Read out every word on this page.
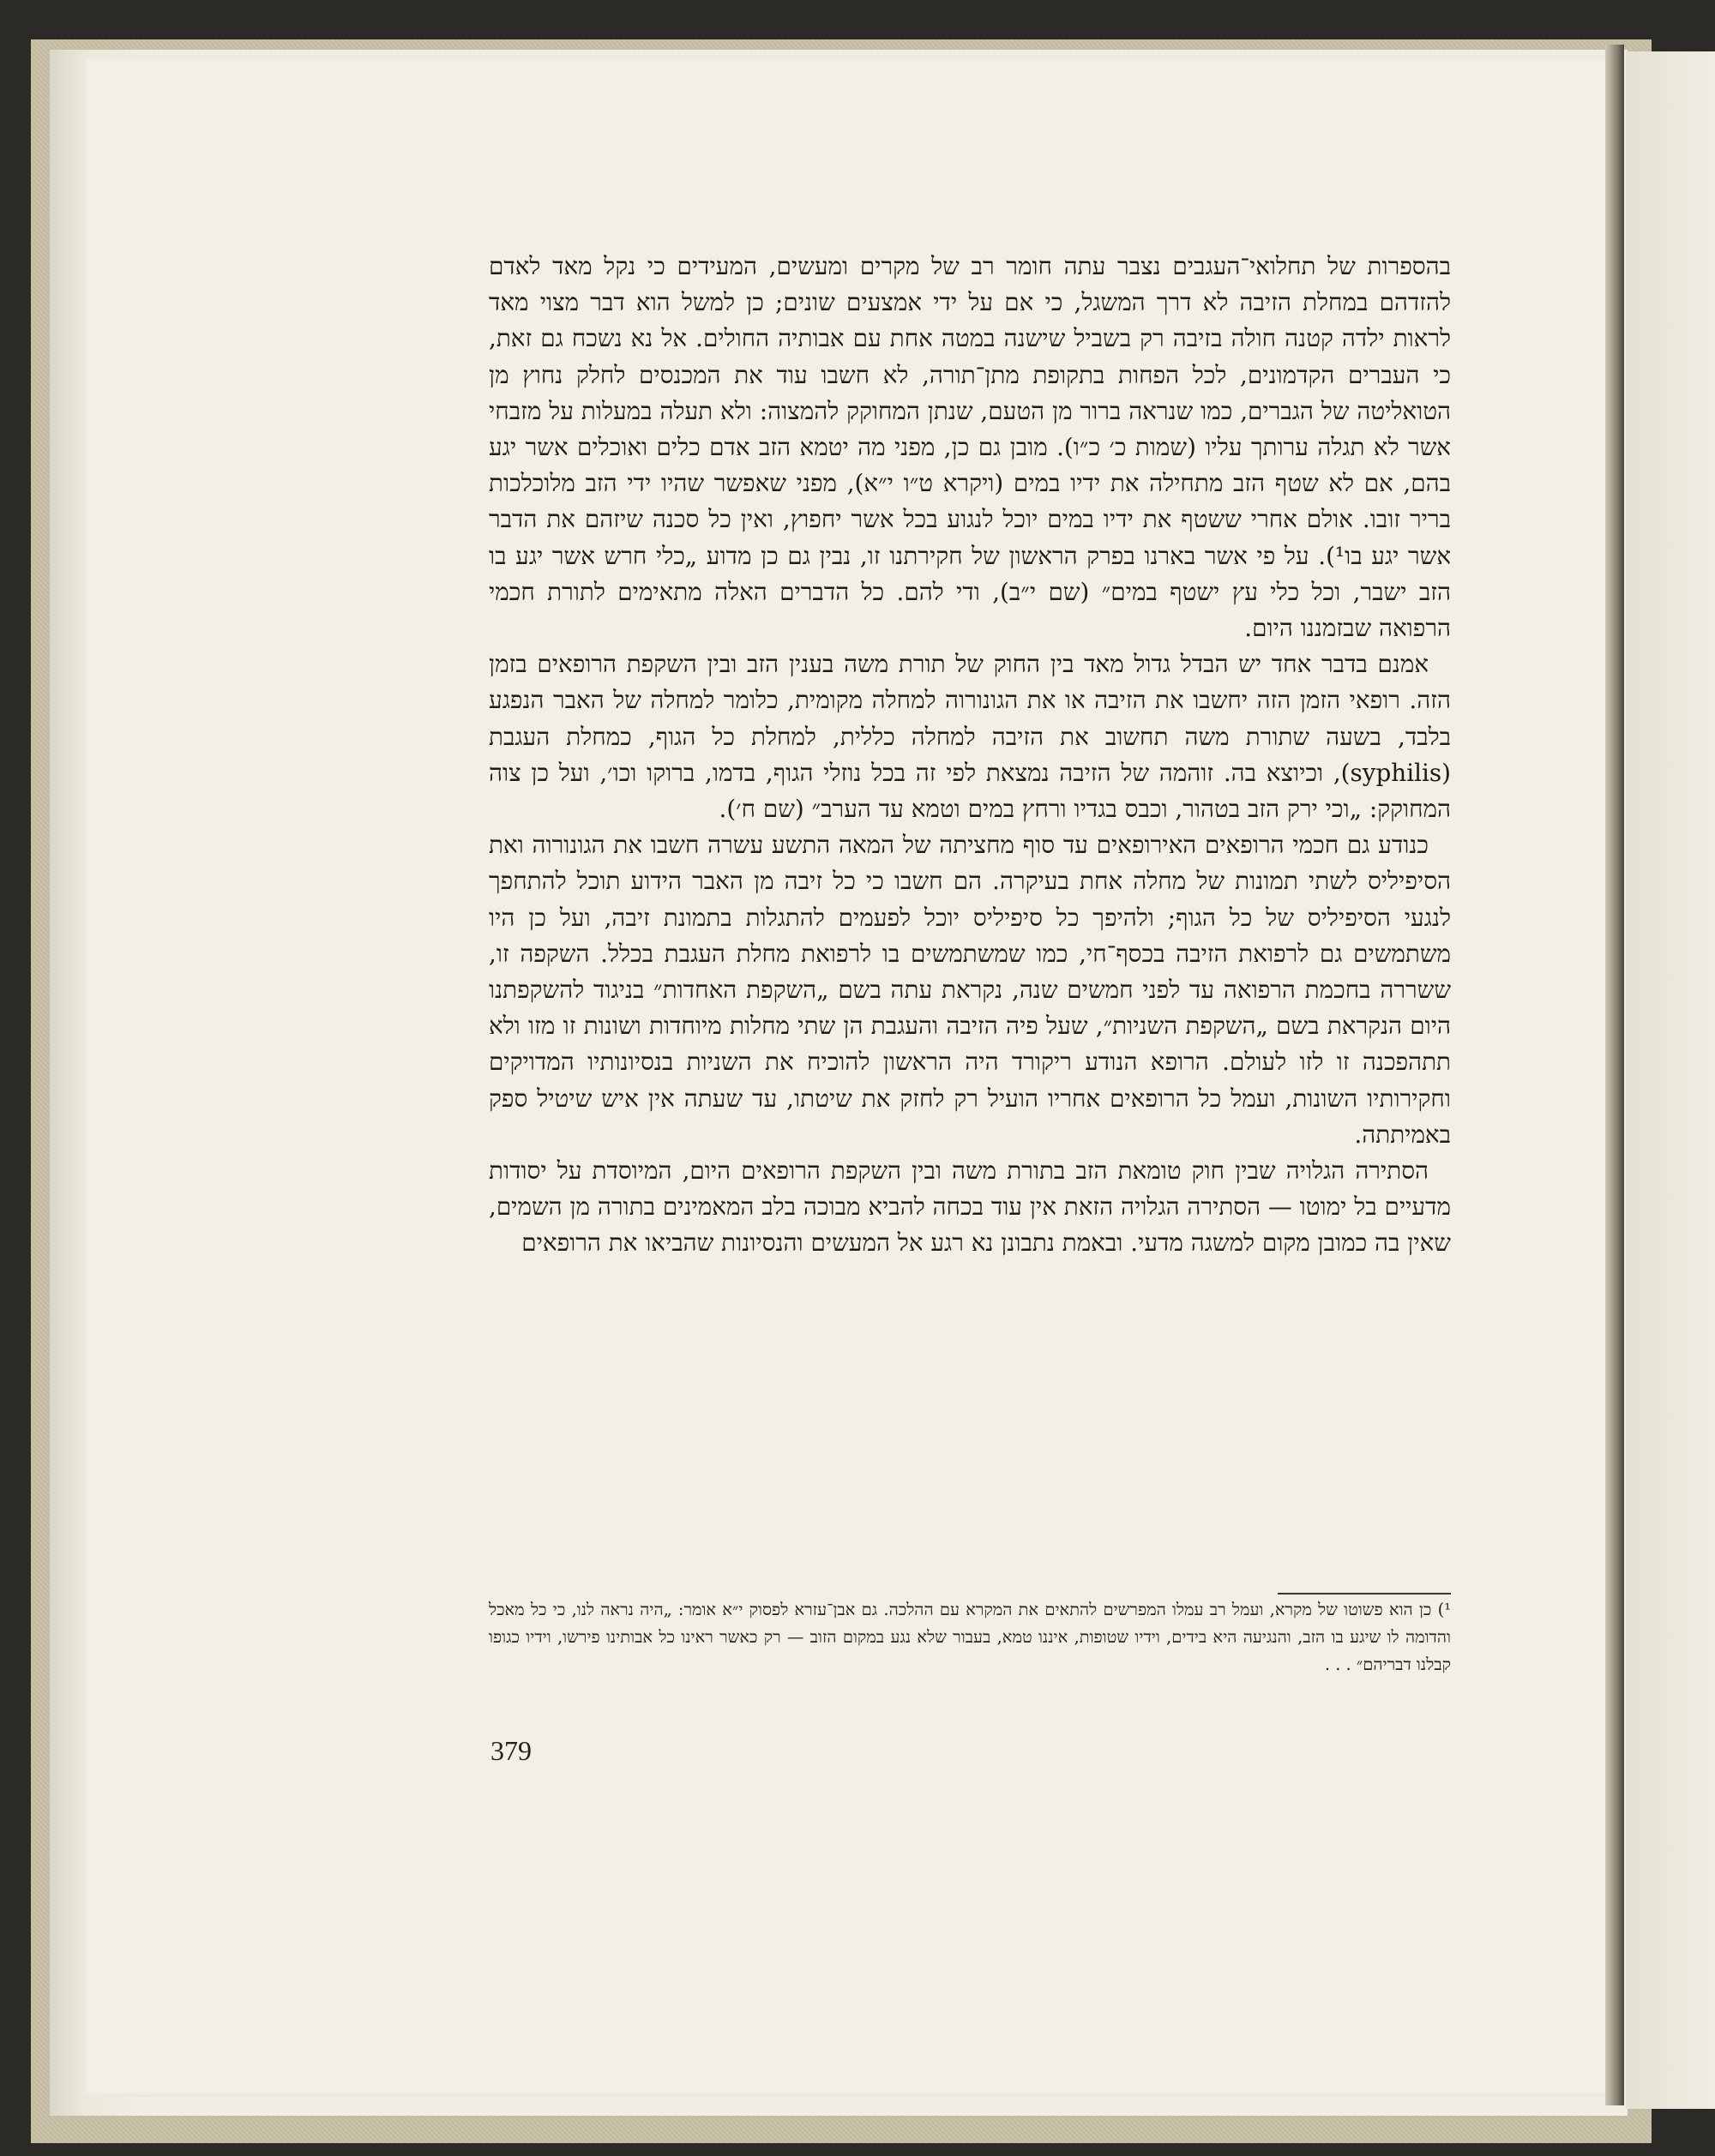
בהספרות של תחלואי־העגבים נצבר עתה חומר רב של מקרים ומעשים, המעידים כי נקל מאד לאדם להזדהם במחלת הזיבה לא דרך המשגל, כי אם על ידי אמצעים שונים; כן למשל הוא דבר מצוי מאד לראות ילדה קטנה חולה בזיבה רק בשביל שישנה במטה אחת עם אבותיה החולים. אל נא נשכח גם זאת, כי העברים הקדמונים, לכל הפחות בתקופת מתן־תורה, לא חשבו עוד את המכנסים לחלק נחוץ מן הטואליטה של הגברים, כמו שנראה ברור מן הטעם, שנתן המחוקק להמצוה: ולא תעלה במעלות על מזבחי אשר לא תגלה ערותך עליו (שמות כ׳ כ״ו). מובן גם כן, מפני מה יטמא הזב אדם כלים ואוכלים אשר יגע בהם, אם לא שטף הזב מתחילה את ידיו במים (ויקרא ט״ו י״א), מפני שאפשר שהיו ידי הזב מלוכלכות בריר זובו. אולם אחרי ששטף את ידיו במים יוכל לנגוע בכל אשר יחפוץ, ואין כל סכנה שיזהם את הדבר אשר יגע בו¹). על פי אשר בארנו בפרק הראשון של חקירתנו זו, נבין גם כן מדוע „כלי חרש אשר יגע בו הזב ישבר, וכל כלי עץ ישטף במים״ (שם י״ב), ודי להם. כל הדברים האלה מתאימים לתורת חכמי הרפואה שבזמננו היום.

אמנם בדבר אחד יש הבדל גדול מאד בין החוק של תורת משה בענין הזב ובין השקפת הרופאים בזמן הזה. רופאי הזמן הזה יחשבו את הזיבה או את הגונורוה למחלה מקומית, כלומר למחלה של האבר הנפגע בלבד, בשעה שתורת משה תחשוב את הזיבה למחלה כללית, למחלת כל הגוף, כמחלת העגבת (syphilis), וכיוצא בה. זוהמה של הזיבה נמצאת לפי זה בכל נוזלי הגוף, בדמו, ברוקו וכו׳, ועל כן צוה המחוקק: „וכי ירק הזב בטהור, וכבס בגדיו ורחץ במים וטמא עד הערב״ (שם ח׳).

כנודע גם חכמי הרופאים האירופאים עד סוף מחציתה של המאה התשע עשרה חשבו את הגונורוה ואת הסיפיליס לשתי תמונות של מחלה אחת בעיקרה. הם חשבו כי כל זיבה מן האבר הידוע תוכל להתחפך לנגעי הסיפיליס של כל הגוף; ולהיפך כל סיפיליס יוכל לפעמים להתגלות בתמונת זיבה, ועל כן היו משתמשים גם לרפואת הזיבה בכסף־חי, כמו שמשתמשים בו לרפואת מחלת העגבת בכלל. השקפה זו, ששררה בחכמת הרפואה עד לפני חמשים שנה, נקראת עתה בשם „השקפת האחדות״ בניגוד להשקפתנו היום הנקראת בשם „השקפת השניות״, שעל פיה הזיבה והעגבת הן שתי מחלות מיוחדות ושונות זו מזו ולא תתהפכנה זו לזו לעולם. הרופא הנודע ריקורד היה הראשון להוכיח את השניות בנסיונותיו המדויקים וחקירותיו השונות, ועמל כל הרופאים אחריו הועיל רק לחזק את שיטתו, עד שעתה אין איש שיטיל ספק באמיתתה.

הסתירה הגלויה שבין חוק טומאת הזב בתורת משה ובין השקפת הרופאים היום, המיוסדת על יסודות מדעיים בל ימוטו — הסתירה הגלויה הזאת אין עוד בכחה להביא מבוכה בלב המאמינים בתורה מן השמים, שאין בה כמובן מקום למשגה מדעי. ובאמת נתבונן נא רגע אל המעשים והנסיונות שהביאו את הרופאים

¹) כן הוא פשוטו של מקרא, ועמל רב עמלו המפרשים להתאים את המקרא עם ההלכה. גם אבן־עזרא לפסוק י״א אומר: „היה נראה לנו, כי כל מאכל והדומה לו שיגע בו הזב, והנגיעה היא בידים, וידיו שטופות, איננו טמא, בעבור שלא נגע במקום הזוב — רק כאשר ראינו כל אבותינו פירשו, וידיו כגופו קבלנו דבריהם״ . . .

379
